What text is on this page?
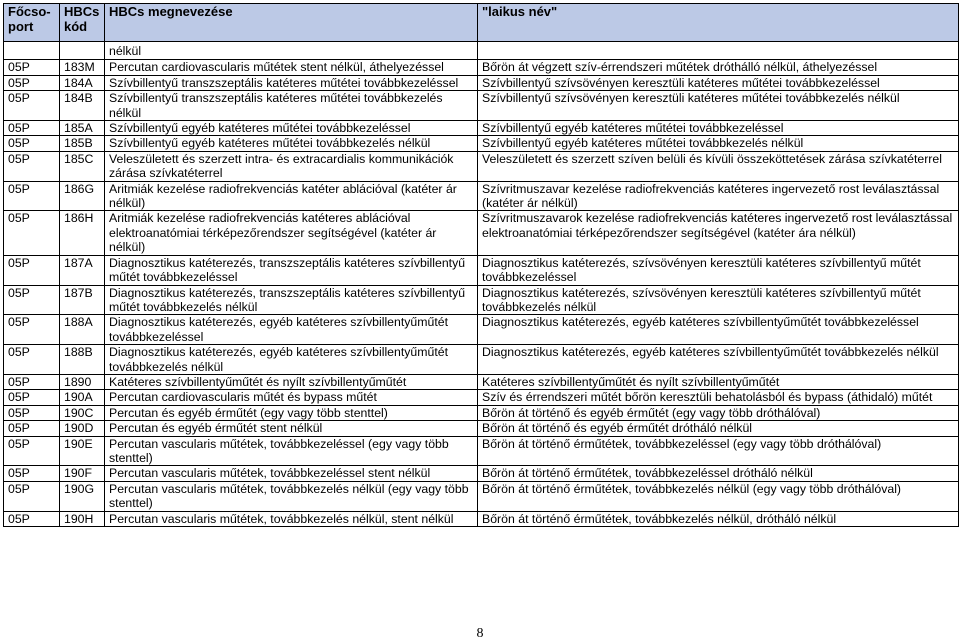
Főcso-port	HBCs kód	HBCs megnevezése	"laikus név"
		nélkül	
05P	183M	Percutan cardiovascularis műtétek stent nélkül, áthelyezéssel	Bőrön át végzett szív-érrendszeri műtétek dróthálló nélkül, áthelyezéssel
05P	184A	Szívbillentyű transzszeptális katéteres műtétei továbbkezeléssel	Szívbillentyű szívsövényen keresztüli katéteres műtétei továbbkezeléssel
05P	184B	Szívbillentyű transzszeptális katéteres műtétei továbbkezelés nélkül	Szívbillentyű szívsövényen keresztüli katéteres műtétei továbbkezelés nélkül
05P	185A	Szívbillentyű egyéb katéteres műtétei továbbkezeléssel	Szívbillentyű egyéb katéteres műtétei továbbkezeléssel
05P	185B	Szívbillentyű egyéb katéteres műtétei továbbkezelés nélkül	Szívbillentyű egyéb katéteres műtétei továbbkezelés nélkül
05P	185C	Veleszületett és szerzett intra- és extracardialis kommunikációk zárása szívkatéterrel	Veleszületett és szerzett szíven belüli és kívüli összeköttetések zárása szívkatéterrel
05P	186G	Aritmiák kezelése radiofrekvenciás katéter ablációval (katéter ár nélkül)	Szívritmuszavar kezelése radiofrekvenciás katéteres ingervezető rost leválasztással (katéter ár nélkül)
05P	186H	Aritmiák kezelése radiofrekvenciás katéteres ablációval elektroanatómiai térképezőrendszer segítségével (katéter ár nélkül)	Szívritmuszavarok kezelése radiofrekvenciás katéteres ingervezető rost leválasztással elektroanatómiai térképezőrendszer segítségével (katéter ára nélkül)
05P	187A	Diagnosztikus katéterezés, transzszeptális katéteres szívbillentyű műtét továbbkezeléssel	Diagnosztikus katéterezés, szívsövényen keresztüli katéteres szívbillentyű műtét továbbkezeléssel
05P	187B	Diagnosztikus katéterezés, transzszeptális katéteres szívbillentyű műtét továbbkezelés nélkül	Diagnosztikus katéterezés, szívsövényen keresztüli katéteres szívbillentyű műtét továbbkezelés nélkül
05P	188A	Diagnosztikus katéterezés, egyéb katéteres szívbillentyűműtét továbbkezeléssel	Diagnosztikus katéterezés, egyéb katéteres szívbillentyűműtét továbbkezeléssel
05P	188B	Diagnosztikus katéterezés, egyéb katéteres szívbillentyűműtét továbbkezelés nélkül	Diagnosztikus katéterezés, egyéb katéteres szívbillentyűműtét továbbkezelés nélkül
05P	1890	Katéteres szívbillentyűműtét és nyílt szívbillentyűműtét	Katéteres szívbillentyűműtét és nyílt szívbillentyűműtét
05P	190A	Percutan cardiovascularis műtét és bypass műtét	Szív és érrendszeri műtét bőrön keresztüli behatolásból és bypass (áthidaló) műtét
05P	190C	Percutan és egyéb érműtét (egy vagy több stenttel)	Bőrön át történő és egyéb érműtét (egy vagy több dróthálóval)
05P	190D	Percutan és egyéb érműtét stent nélkül	Bőrön át történő és egyéb érműtét drótháló nélkül
05P	190E	Percutan vascularis műtétek, továbbkezeléssel (egy vagy több stenttel)	Bőrön át történő érműtétek, továbbkezeléssel (egy vagy több dróthálóval)
05P	190F	Percutan vascularis műtétek, továbbkezeléssel stent nélkül	Bőrön át történő érműtétek, továbbkezeléssel drótháló nélkül
05P	190G	Percutan vascularis műtétek, továbbkezelés nélkül (egy vagy több stenttel)	Bőrön át történő érműtétek, továbbkezelés nélkül (egy vagy több dróthálóval)
05P	190H	Percutan vascularis műtétek, továbbkezelés nélkül, stent nélkül	Bőrön át történő érműtétek, továbbkezelés nélkül, drótháló nélkül
8
